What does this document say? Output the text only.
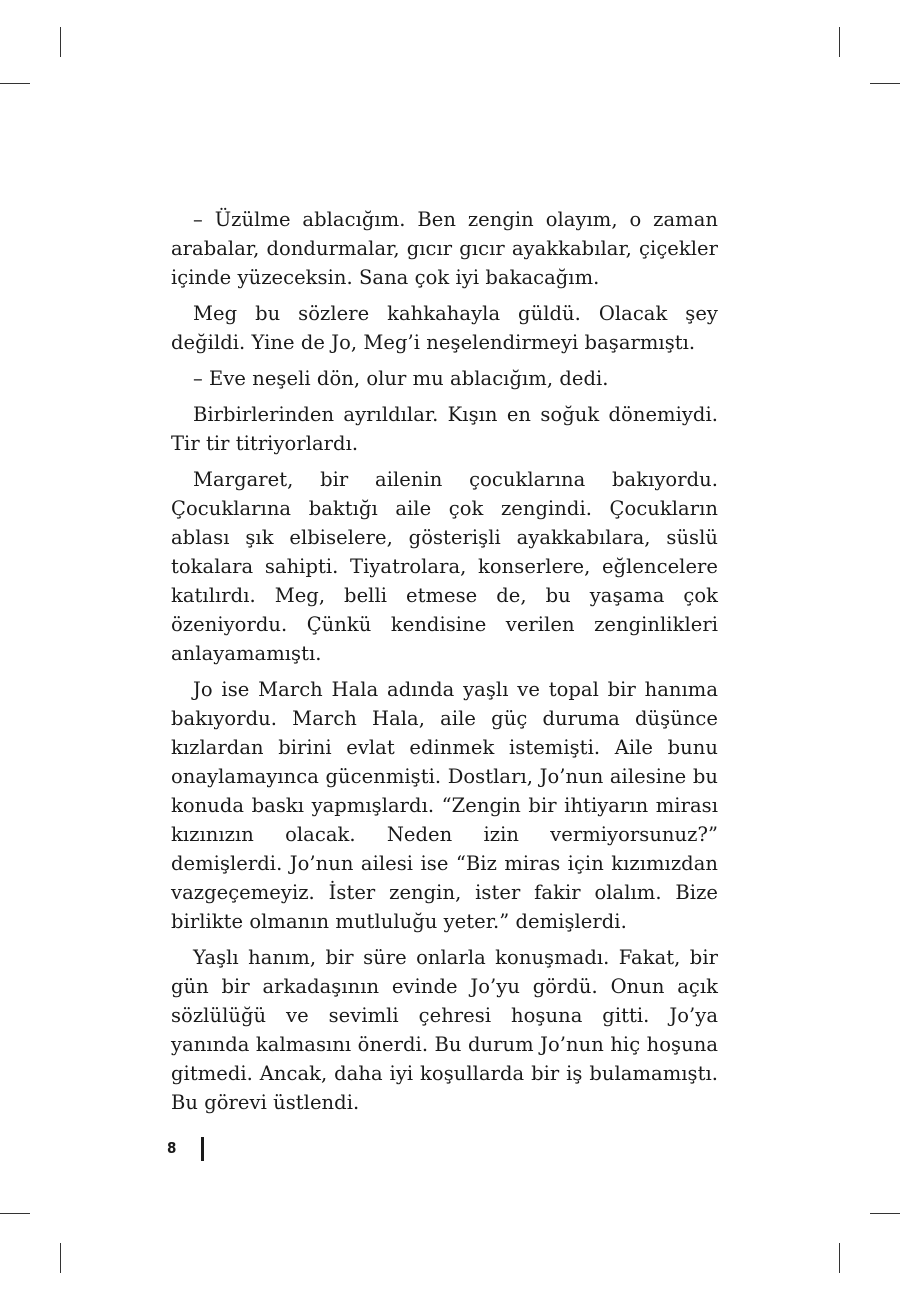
– Üzülme ablacığım. Ben zengin olayım, o zaman arabalar, dondurmalar, gıcır gıcır ayakkabılar, çiçekler içinde yüzeceksin. Sana çok iyi bakacağım.

Meg bu sözlere kahkahayla güldü. Olacak şey değildi. Yine de Jo, Meg’i neşelendirmeyi başarmıştı.

– Eve neşeli dön, olur mu ablacığım, dedi.

Birbirlerinden ayrıldılar. Kışın en soğuk dönemiydi. Tir tir titriyorlardı.

Margaret, bir ailenin çocuklarına bakıyordu. Çocuklarına baktığı aile çok zengindi. Çocukların ablası şık elbiselere, gösterişli ayakkabılara, süslü tokalara sahipti. Tiyatrolara, konserlere, eğlencelere katılırdı. Meg, belli etmese de, bu yaşama çok özeniyordu. Çünkü kendisine verilen zenginlikleri anlayamamıştı.

Jo ise March Hala adında yaşlı ve topal bir hanıma bakıyordu. March Hala, aile güç duruma düşünce kızlardan birini evlat edinmek istemişti. Aile bunu onaylamayınca gücenmişti. Dostları, Jo’nun ailesine bu konuda baskı yapmışlardı. “Zengin bir ihtiyarın mirası kızınızın olacak. Neden izin vermiyorsunuz?” demişlerdi. Jo’nun ailesi ise “Biz miras için kızımızdan vazgeçemeyiz. İster zengin, ister fakir olalım. Bize birlikte olmanın mutluluğu yeter.” demişlerdi.

Yaşlı hanım, bir süre onlarla konuşmadı. Fakat, bir gün bir arkadaşının evinde Jo’yu gördü. Onun açık sözlülüğü ve sevimli çehresi hoşuna gitti. Jo’ya yanında kalmasını önerdi. Bu durum Jo’nun hiç hoşuna gitmedi. Ancak, daha iyi koşullarda bir iş bulamamıştı. Bu görevi üstlendi.

8
